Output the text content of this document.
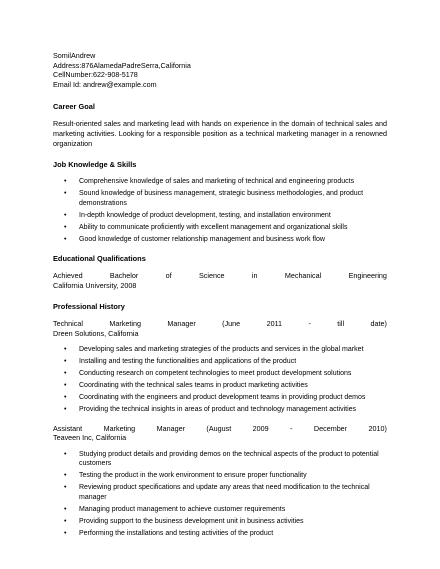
SomilAndrew
Address:876AlamedaPadreSerra,California
CellNumber:622-908-5178
Email Id: andrew@example.com
Career Goal
Result-oriented sales and marketing lead with hands on experience in the domain of technical sales and marketing activities. Looking for a responsible position as a technical marketing manager in a renowned organization
Job Knowledge & Skills
• Comprehensive knowledge of sales and marketing of technical and engineering products
• Sound knowledge of business management, strategic business methodologies, and product demonstrations
• In-depth knowledge of product development, testing, and installation environment
• Ability to communicate proficiently with excellent management and organizational skills
• Good knowledge of customer relationship management and business work flow
Educational Qualifications
Achieved	Bachelor	of	Science	in	Mechanical	Engineering
California University, 2008
Professional History
Technical	Marketing	Manager	(June	2011	-	till	date)
Dreen Solutions, California
• Developing sales and marketing strategies of the products and services in the global market
• Installing and testing the functionalities and applications of the product
• Conducting research on competent technologies to meet product development solutions
• Coordinating with the technical sales teams in product marketing activities
• Coordinating with the engineers and product development teams in providing product demos
• Providing the technical insights in areas of product and technology management activities
Assistant	Marketing	Manager	(August	2009	-	December	2010)
Teaveen Inc, California
• Studying product details and providing demos on the technical aspects of the product to potential customers
• Testing the product in the work environment to ensure proper functionality
• Reviewing product specifications and update any areas that need modification to the technical manager
• Managing product management to achieve customer requirements
• Providing support to the business development unit in business activities
• Performing the installations and testing activities of the product
